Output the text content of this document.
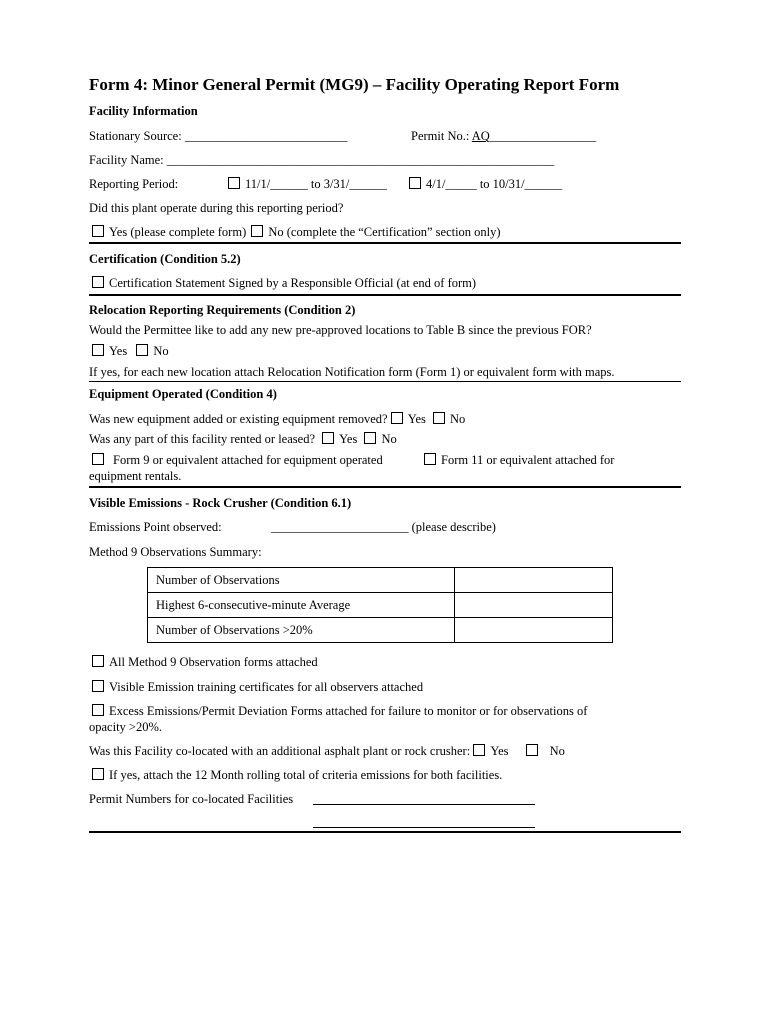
Form 4: Minor General Permit (MG9) – Facility Operating Report Form
Facility Information
Stationary Source: __________________________	Permit No.: AQ_________________
Facility Name: ______________________________________________________________
Reporting Period:	11/1/______ to 3/31/______	4/1/_____ to 10/31/______
Did this plant operate during this reporting period?
Yes (please complete form) No (complete the “Certification” section only)
Certification (Condition 5.2)
Certification Statement Signed by a Responsible Official (at end of form)
Relocation Reporting Requirements (Condition 2)
Would the Permittee like to add any new pre-approved locations to Table B since the previous FOR?
Yes No
If yes, for each new location attach Relocation Notification form (Form 1) or equivalent form with maps.
Equipment Operated (Condition 4)
Was new equipment added or existing equipment removed? Yes No
Was any part of this facility rented or leased? Yes No
Form 9 or equivalent attached for equipment operated	Form 11 or equivalent attached for
equipment rentals.
Visible Emissions - Rock Crusher (Condition 6.1)
Emissions Point observed:	______________________ (please describe)
Method 9 Observations Summary:
Number of Observations	
Highest 6-consecutive-minute Average	
Number of Observations >20%	
All Method 9 Observation forms attached
Visible Emission training certificates for all observers attached
Excess Emissions/Permit Deviation Forms attached for failure to monitor or for observations of
opacity >20%.
Was this Facility co-located with an additional asphalt plant or rock crusher: Yes	No
If yes, attach the 12 Month rolling total of criteria emissions for both facilities.
Permit Numbers for co-located Facilities
